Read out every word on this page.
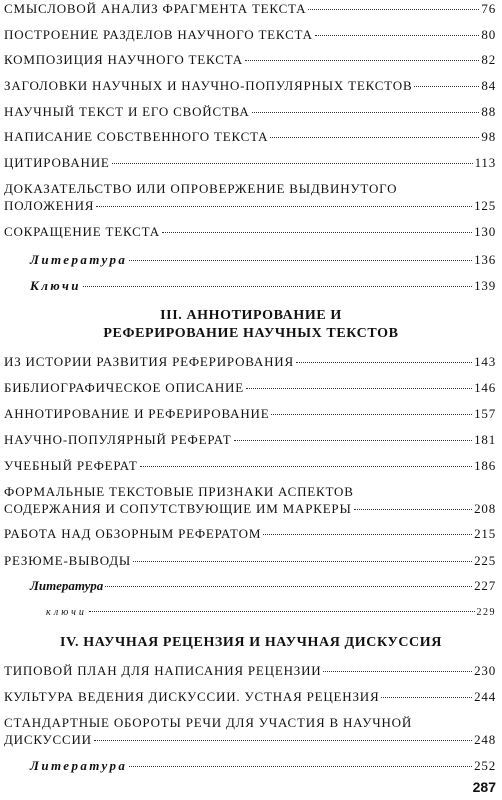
СМЫСЛОВОЙ АНАЛИЗ ФРАГМЕНТА ТЕКСТА	76
ПОСТРОЕНИЕ РАЗДЕЛОВ НАУЧНОГО ТЕКСТА	80
КОМПОЗИЦИЯ НАУЧНОГО ТЕКСТА	82
ЗАГОЛОВКИ НАУЧНЫХ И НАУЧНО-ПОПУЛЯРНЫХ ТЕКСТОВ	84
НАУЧНЫЙ ТЕКСТ И ЕГО СВОЙСТВА	88
НАПИСАНИЕ СОБСТВЕННОГО ТЕКСТА	98
ЦИТИРОВАНИЕ	113
ДОКАЗАТЕЛЬСТВО ИЛИ ОПРОВЕРЖЕНИЕ ВЫДВИНУТОГО
ПОЛОЖЕНИЯ	125
СОКРАЩЕНИЕ ТЕКСТА	130
Литература	136
Ключи	139
III. АННОТИРОВАНИЕ И
РЕФЕРИРОВАНИЕ НАУЧНЫХ ТЕКСТОВ
ИЗ ИСТОРИИ РАЗВИТИЯ РЕФЕРИРОВАНИЯ	143
БИБЛИОГРАФИЧЕСКОЕ ОПИСАНИЕ	146
АННОТИРОВАНИЕ И РЕФЕРИРОВАНИЕ	157
НАУЧНО-ПОПУЛЯРНЫЙ РЕФЕРАТ	181
УЧЕБНЫЙ РЕФЕРАТ	186
ФОРМАЛЬНЫЕ ТЕКСТОВЫЕ ПРИЗНАКИ АСПЕКТОВ
СОДЕРЖАНИЯ И СОПУТСТВУЮЩИЕ ИМ МАРКЕРЫ	208
РАБОТА НАД ОБЗОРНЫМ РЕФЕРАТОМ	215
РЕЗЮМЕ-ВЫВОДЫ	225
Литература	227
ключи	229
IV. НАУЧНАЯ РЕЦЕНЗИЯ И НАУЧНАЯ ДИСКУССИЯ
ТИПОВОЙ ПЛАН ДЛЯ НАПИСАНИЯ РЕЦЕНЗИИ	230
КУЛЬТУРА ВЕДЕНИЯ ДИСКУССИИ. УСТНАЯ РЕЦЕНЗИЯ	244
СТАНДАРТНЫЕ ОБОРОТЫ РЕЧИ ДЛЯ УЧАСТИЯ В НАУЧНОЙ
ДИСКУССИИ	248
Литература	252
287
